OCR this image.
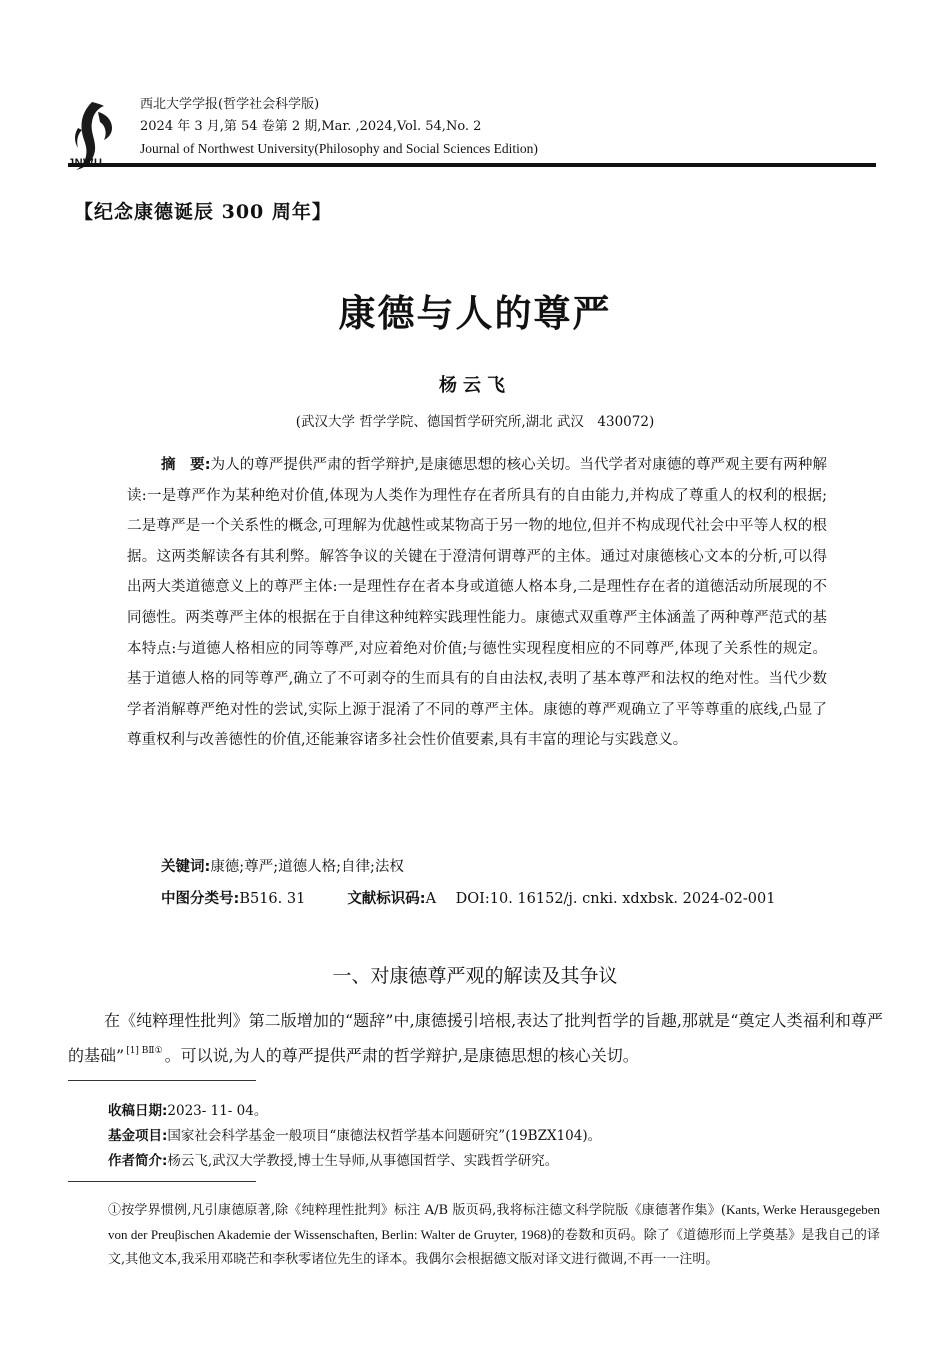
西北大学学报(哲学社会科学版)
2024 年 3 月,第 54 卷第 2 期,Mar. ,2024,Vol. 54,No. 2
Journal of Northwest University(Philosophy and Social Sciences Edition)
【纪念康德诞辰 300 周年】
康德与人的尊严
杨云飞
(武汉大学 哲学学院、德国哲学研究所,湖北 武汉　430072)
摘　要:为人的尊严提供严肃的哲学辩护,是康德思想的核心关切。当代学者对康德的尊严观主要有两种解读:一是尊严作为某种绝对价值,体现为人类作为理性存在者所具有的自由能力,并构成了尊重人的权利的根据;二是尊严是一个关系性的概念,可理解为优越性或某物高于另一物的地位,但并不构成现代社会中平等人权的根据。这两类解读各有其利弊。解答争议的关键在于澄清何谓尊严的主体。通过对康德核心文本的分析,可以得出两大类道德意义上的尊严主体:一是理性存在者本身或道德人格本身,二是理性存在者的道德活动所展现的不同德性。两类尊严主体的根据在于自律这种纯粹实践理性能力。康德式双重尊严主体涵盖了两种尊严范式的基本特点:与道德人格相应的同等尊严,对应着绝对价值;与德性实现程度相应的不同尊严,体现了关系性的规定。基于道德人格的同等尊严,确立了不可剥夺的生而具有的自由法权,表明了基本尊严和法权的绝对性。当代少数学者消解尊严绝对性的尝试,实际上源于混淆了不同的尊严主体。康德的尊严观确立了平等尊重的底线,凸显了尊重权利与改善德性的价值,还能兼容诸多社会性价值要素,具有丰富的理论与实践意义。
关键词:康德;尊严;道德人格;自律;法权
中图分类号:B516. 31	文献标识码:A DOI:10. 16152/j. cnki. xdxbsk. 2024-02-001
一、对康德尊严观的解读及其争议
在《纯粹理性批判》第二版增加的“题辞”中,康德援引培根,表达了批判哲学的旨趣,那就是“奠定人类福利和尊严的基础” $^{[1] BⅡ①}$ 。可以说,为人的尊严提供严肃的哲学辩护,是康德思想的核心关切。
收稿日期:2023- 11- 04。
基金项目:国家社会科学基金一般项目“康德法权哲学基本问题研究”(19BZX104)。
作者简介:杨云飞,武汉大学教授,博士生导师,从事德国哲学、实践哲学研究。
①按学界惯例,凡引康德原著,除《纯粹理性批判》标注 A/B 版页码,我将标注德文科学院版《康德著作集》(Kants, Werke Herausgegeben von der Preuβischen Akademie der Wissenschaften, Berlin: Walter de Gruyter, 1968)的卷数和页码。除了《道德形而上学奠基》是我自己的译文,其他文本,我采用邓晓芒和李秋零诸位先生的译本。我偶尔会根据德文版对译文进行微调,不再一一注明。
